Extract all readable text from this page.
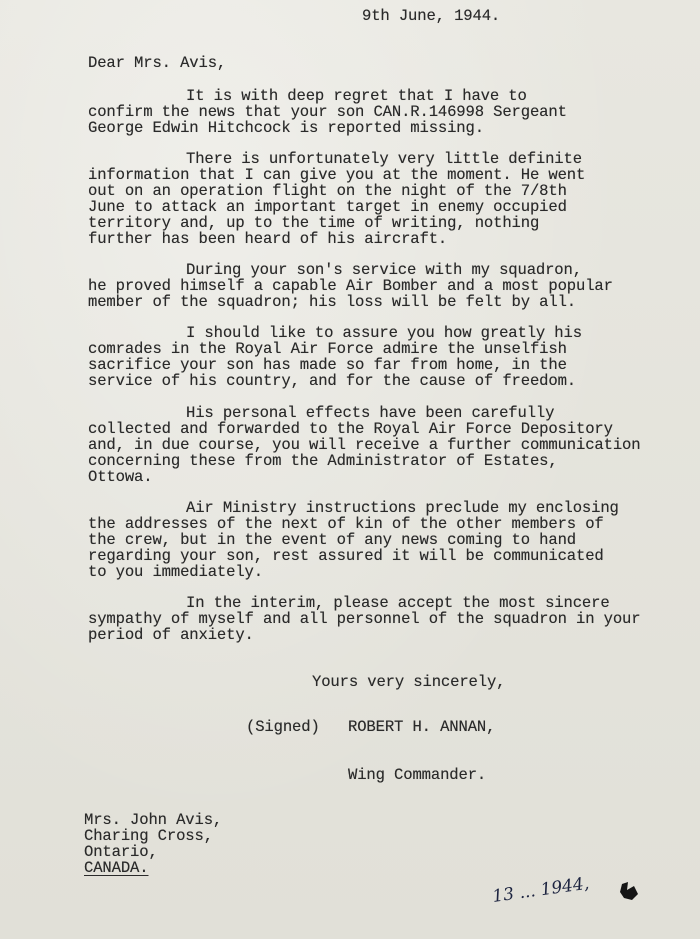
9th June, 1944.
Dear Mrs. Avis,
It is with deep regret that I have to
confirm the news that your son CAN.R.146998 Sergeant
George Edwin Hitchcock is reported missing.
There is unfortunately very little definite
information that I can give you at the moment. He went
out on an operation flight on the night of the 7/8th
June to attack an important target in enemy occupied
territory and, up to the time of writing, nothing
further has been heard of his aircraft.
During your son's service with my squadron,
he proved himself a capable Air Bomber and a most popular
member of the squadron; his loss will be felt by all.
I should like to assure you how greatly his
comrades in the Royal Air Force admire the unselfish
sacrifice your son has made so far from home, in the
service of his country, and for the cause of freedom.
His personal effects have been carefully
collected and forwarded to the Royal Air Force Depository
and, in due course, you will receive a further communication
concerning these from the Administrator of Estates,
Ottowa.
Air Ministry instructions preclude my enclosing
the addresses of the next of kin of the other members of
the crew, but in the event of any news coming to hand
regarding your son, rest assured it will be communicated
to you immediately.
In the interim, please accept the most sincere
sympathy of myself and all personnel of the squadron in your
period of anxiety.
Yours very sincerely,
(Signed) ROBERT H. ANNAN,
Wing Commander.
Mrs. John Avis,
Charing Cross,
Ontario,
CANADA.
13 ... 1944,
